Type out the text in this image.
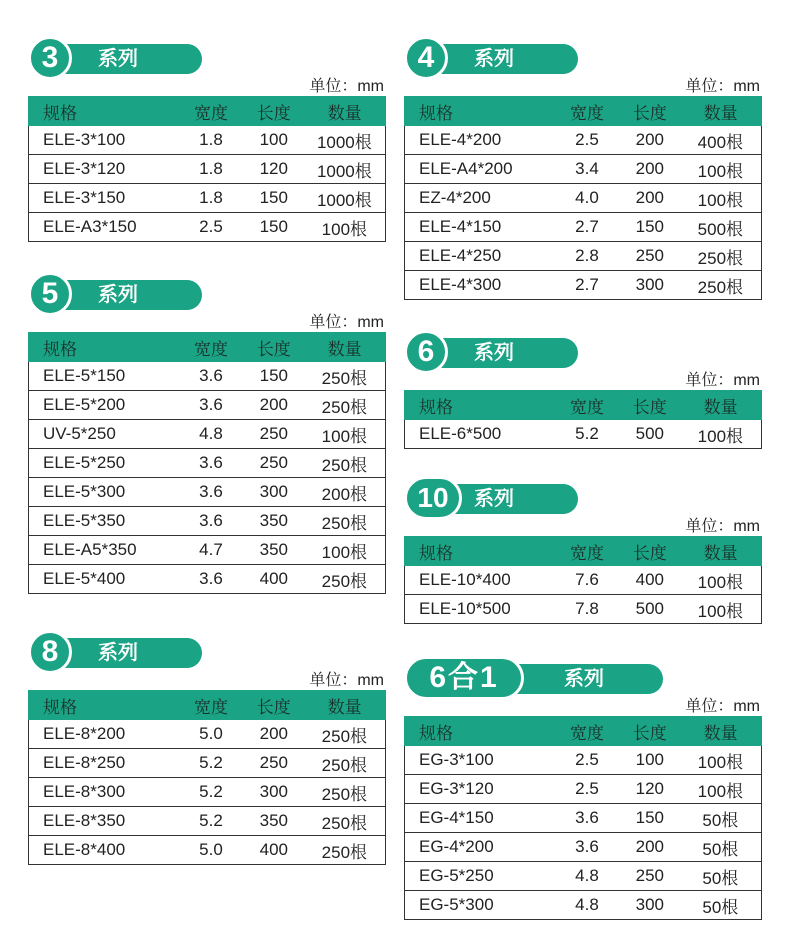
3	系列
单位：mm
规格	宽度	长度	数量
ELE-3*100	1.8	100	1000根
ELE-3*120	1.8	120	1000根
ELE-3*150	1.8	150	1000根
ELE-A3*150	2.5	150	100根
4	系列
单位：mm
规格	宽度	长度	数量
ELE-4*200	2.5	200	400根
ELE-A4*200	3.4	200	100根
EZ-4*200	4.0	200	100根
ELE-4*150	2.7	150	500根
ELE-4*250	2.8	250	250根
ELE-4*300	2.7	300	250根
5	系列
单位：mm
规格	宽度	长度	数量
ELE-5*150	3.6	150	250根
ELE-5*200	3.6	200	250根
UV-5*250	4.8	250	100根
ELE-5*250	3.6	250	250根
ELE-5*300	3.6	300	200根
ELE-5*350	3.6	350	250根
ELE-A5*350	4.7	350	100根
ELE-5*400	3.6	400	250根
6	系列
单位：mm
规格	宽度	长度	数量
ELE-6*500	5.2	500	100根
10	系列
单位：mm
规格	宽度	长度	数量
ELE-10*400	7.6	400	100根
ELE-10*500	7.8	500	100根
8	系列
单位：mm
规格	宽度	长度	数量
ELE-8*200	5.0	200	250根
ELE-8*250	5.2	250	250根
ELE-8*300	5.2	300	250根
ELE-8*350	5.2	350	250根
ELE-8*400	5.0	400	250根
6合1	系列
单位：mm
规格	宽度	长度	数量
EG-3*100	2.5	100	100根
EG-3*120	2.5	120	100根
EG-4*150	3.6	150	50根
EG-4*200	3.6	200	50根
EG-5*250	4.8	250	50根
EG-5*300	4.8	300	50根
